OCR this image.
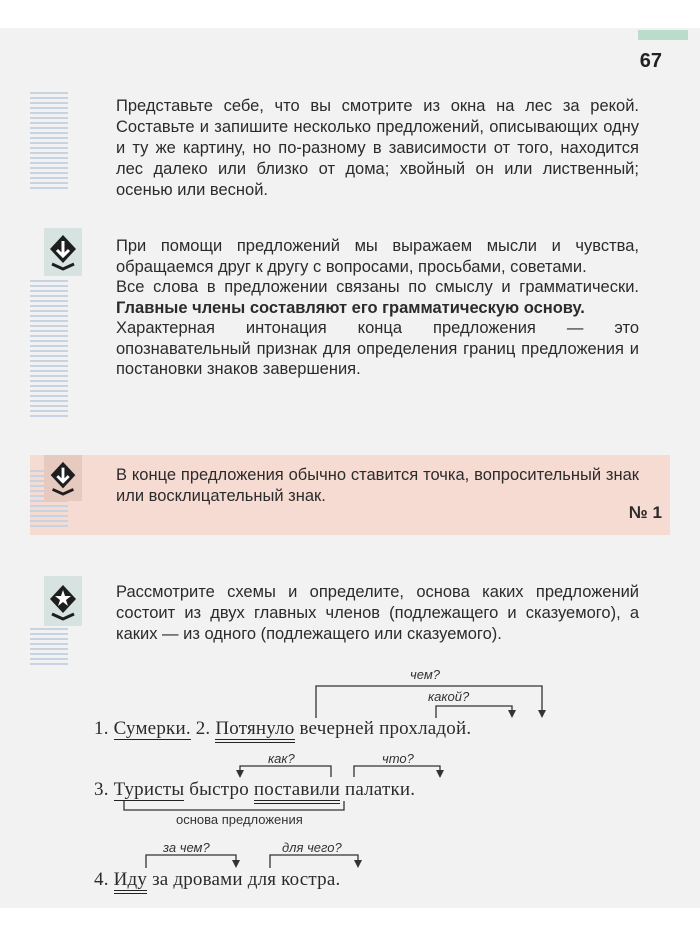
67
Представьте себе, что вы смотрите из окна на лес за рекой. Составьте и запишите несколько предложений, описывающих одну и ту же картину, но по-разному в зависимости от того, находится лес далеко или близко от дома; хвойный он или лиственный; осенью или весной.
При помощи предложений мы выражаем мысли и чувства, обращаемся друг к другу с вопросами, просьбами, советами.
Все слова в предложении связаны по смыслу и грамматически. Главные члены составляют его грамматическую основу.
Характерная интонация конца предложения — это опознавательный признак для определения границ предложения и постановки знаков завершения.
В конце предложения обычно ставится точка, вопросительный знак или восклицательный знак.
№ 1
Рассмотрите схемы и определите, основа каких предложений состоит из двух главных членов (подлежащего и сказуемого), а каких — из одного (подлежащего или сказуемого).
чем?
какой?
1. Сумерки. 2. Потянуло вечерней прохладой.
как?	что?
3. Туристы быстро поставили палатки.
основа предложения
за чем?	для чего?
4. Иду за дровами для костра.
